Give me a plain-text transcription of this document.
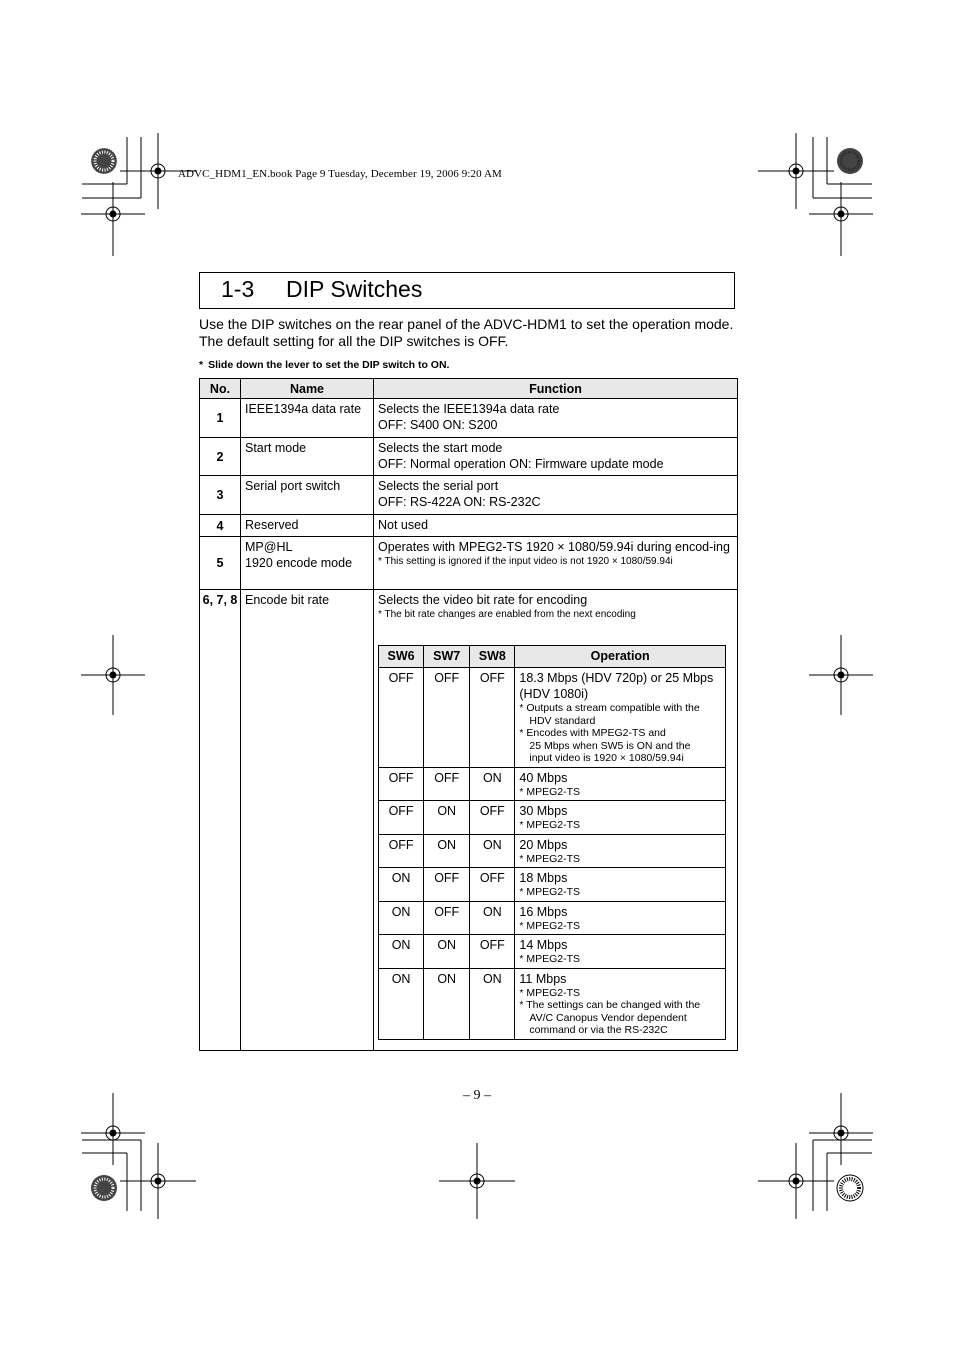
ADVC_HDM1_EN.book Page 9 Tuesday, December 19, 2006 9:20 AM
1-3 DIP Switches
Use the DIP switches on the rear panel of the ADVC-HDM1 to set the operation mode. The default setting for all the DIP switches is OFF.
* Slide down the lever to set the DIP switch to ON.
No.	Name	Function
1	IEEE1394a data rate	Selects the IEEE1394a data rate
OFF: S400 ON: S200
2	Start mode	Selects the start mode
OFF: Normal operation ON: Firmware update mode
3	Serial port switch	Selects the serial port
OFF: RS-422A ON: RS-232C
4	Reserved	Not used
5	MP@HL
1920 encode mode	Operates with MPEG2-TS 1920 × 1080/59.94i during encod-ing
* This setting is ignored if the input video is not 1920 × 1080/59.94i

6, 7, 8	Encode bit rate	Selects the video bit rate for encoding
* The bit rate changes are enabled from the next encoding
SW6	SW7	SW8	Operation
OFF	OFF	OFF	18.3 Mbps (HDV 720p) or 25 Mbps (HDV 1080i)
* Outputs a stream compatible with the
HDV standard
* Encodes with MPEG2-TS and
25 Mbps when SW5 is ON and the
input video is 1920 × 1080/59.94i

OFF	OFF	ON	40 Mbps
* MPEG2-TS

OFF	ON	OFF	30 Mbps
* MPEG2-TS

OFF	ON	ON	20 Mbps
* MPEG2-TS

ON	OFF	OFF	18 Mbps
* MPEG2-TS

ON	OFF	ON	16 Mbps
* MPEG2-TS

ON	ON	OFF	14 Mbps
* MPEG2-TS

ON	ON	ON	11 Mbps
* MPEG2-TS
* The settings can be changed with the
AV/C Canopus Vendor dependent
command or via the RS-232C
– 9 –
